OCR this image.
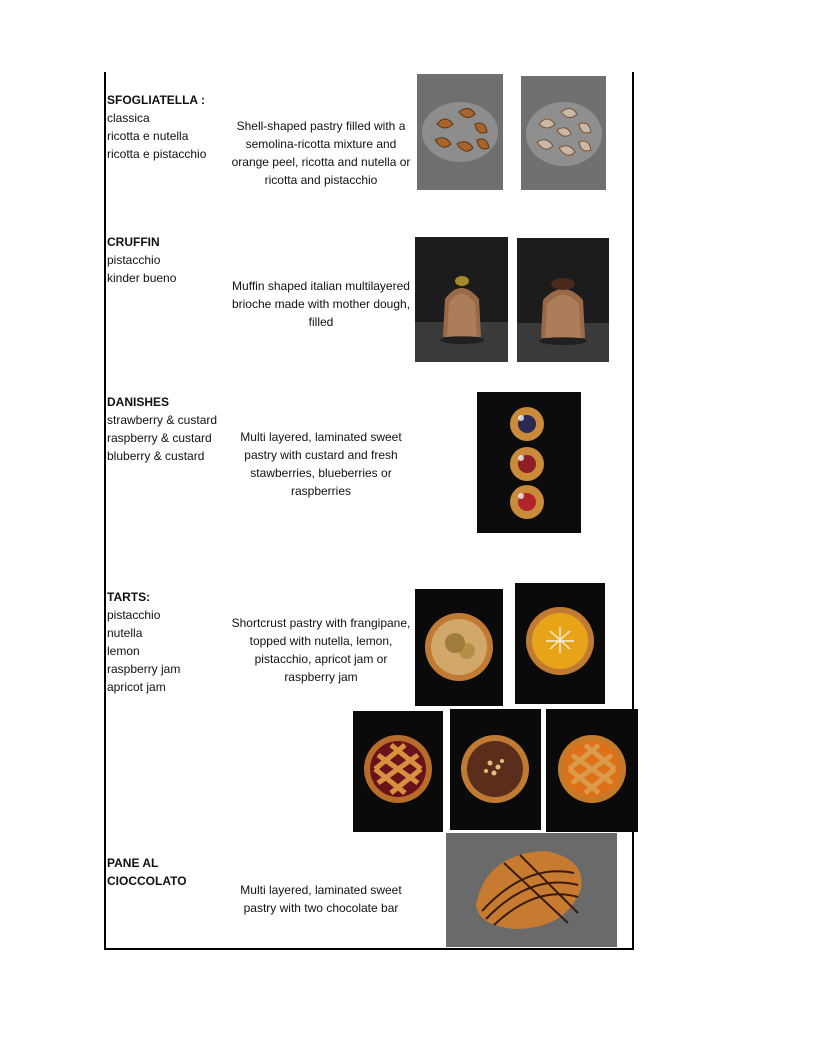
SFOGLIATELLA :
classica
ricotta e nutella
ricotta e pistacchio
Shell-shaped pastry filled with a semolina-ricotta mixture and orange peel, ricotta and nutella or ricotta and pistacchio
CRUFFIN
pistacchio
kinder bueno
Muffin shaped italian multilayered brioche made with mother dough, filled
DANISHES
strawberry & custard
raspberry & custard
bluberry & custard
Multi layered, laminated sweet pastry with custard and fresh stawberries, blueberries or raspberries
TARTS:
pistacchio
nutella
lemon
raspberry jam
apricot jam
Shortcrust pastry with frangipane, topped with nutella, lemon, pistacchio, apricot jam or raspberry jam
PANE AL
CIOCCOLATO
Multi layered, laminated sweet pastry with two chocolate bar
